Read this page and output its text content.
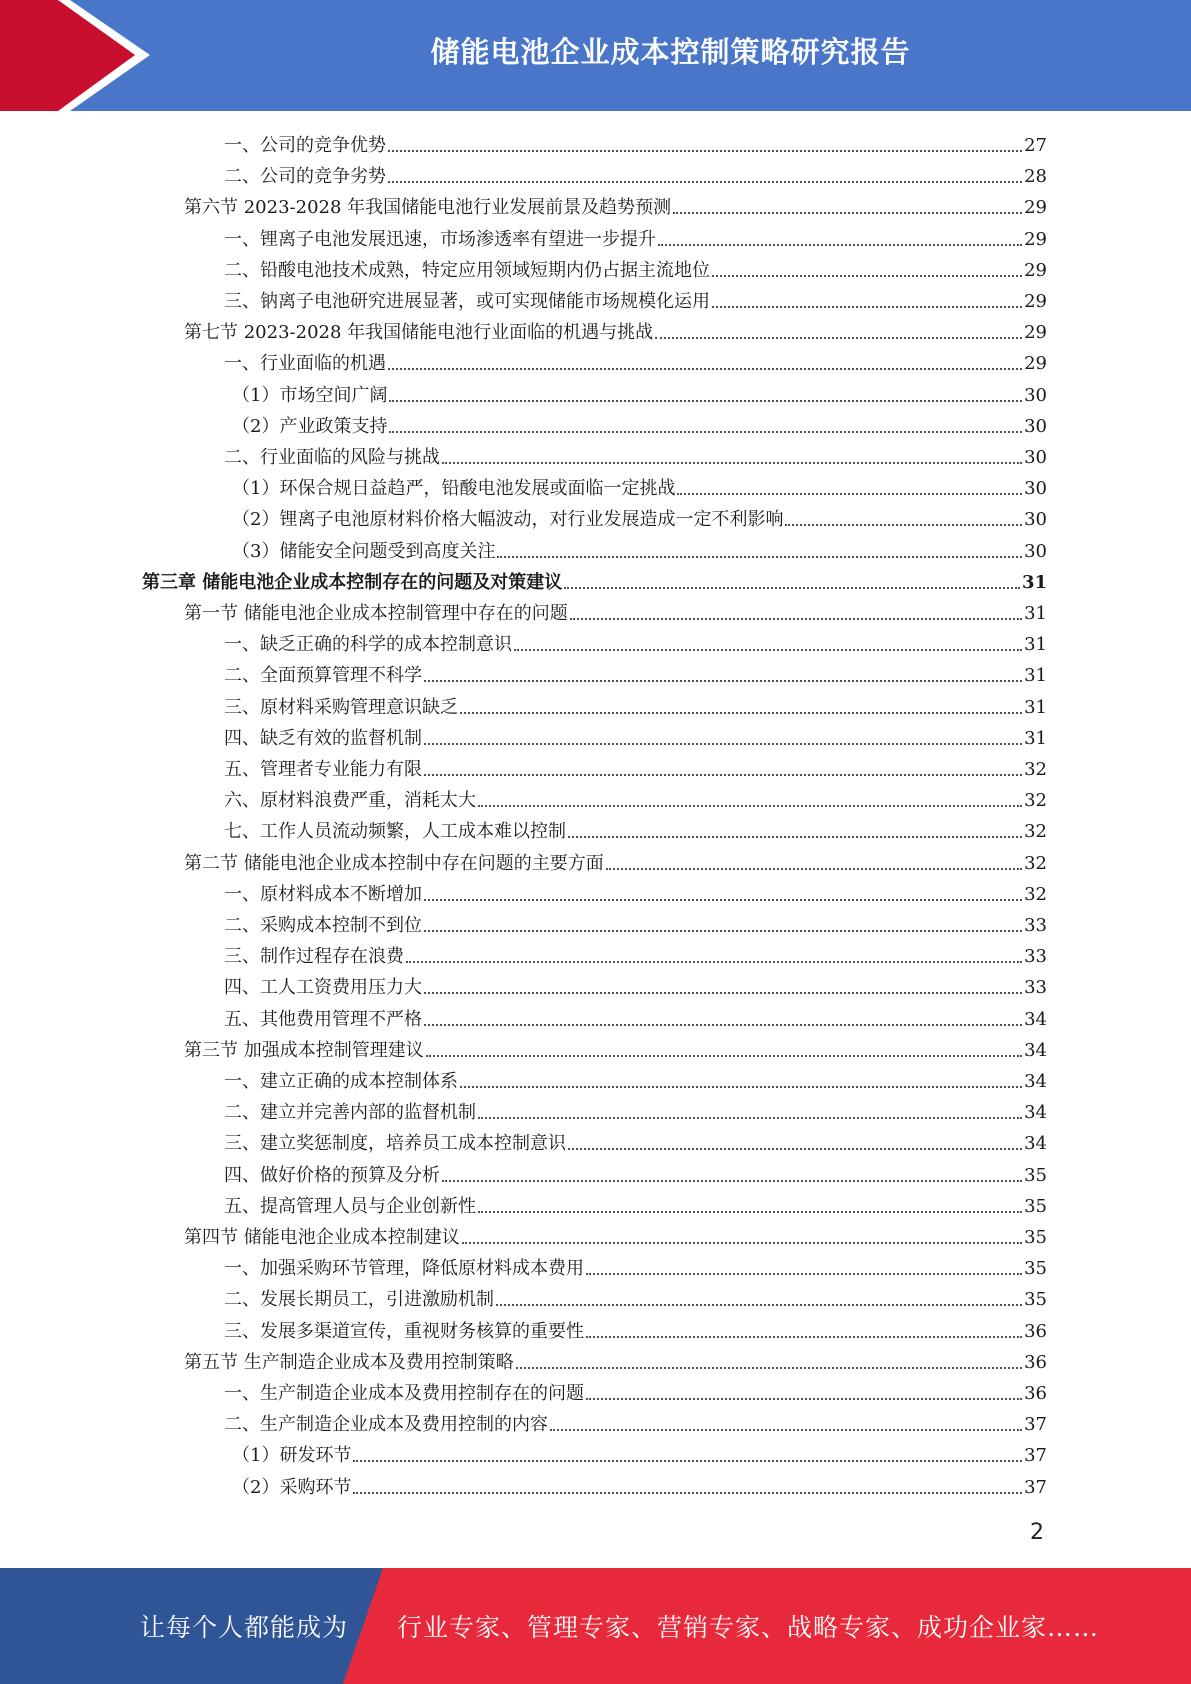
储能电池企业成本控制策略研究报告
一、公司的竞争优势	27
二、公司的竞争劣势	28
第六节 2023-2028 年我国储能电池行业发展前景及趋势预测	29
一、锂离子电池发展迅速，市场渗透率有望进一步提升	29
二、铅酸电池技术成熟，特定应用领域短期内仍占据主流地位	29
三、钠离子电池研究进展显著，或可实现储能市场规模化运用	29
第七节 2023-2028 年我国储能电池行业面临的机遇与挑战	29
一、行业面临的机遇	29
（1）市场空间广阔	30
（2）产业政策支持	30
二、行业面临的风险与挑战	30
（1）环保合规日益趋严，铅酸电池发展或面临一定挑战	30
（2）锂离子电池原材料价格大幅波动，对行业发展造成一定不利影响	30
（3）储能安全问题受到高度关注	30
第三章 储能电池企业成本控制存在的问题及对策建议	31
第一节 储能电池企业成本控制管理中存在的问题	31
一、缺乏正确的科学的成本控制意识	31
二、全面预算管理不科学	31
三、原材料采购管理意识缺乏	31
四、缺乏有效的监督机制	31
五、管理者专业能力有限	32
六、原材料浪费严重，消耗太大	32
七、工作人员流动频繁，人工成本难以控制	32
第二节 储能电池企业成本控制中存在问题的主要方面	32
一、原材料成本不断增加	32
二、采购成本控制不到位	33
三、制作过程存在浪费	33
四、工人工资费用压力大	33
五、其他费用管理不严格	34
第三节 加强成本控制管理建议	34
一、建立正确的成本控制体系	34
二、建立并完善内部的监督机制	34
三、建立奖惩制度，培养员工成本控制意识	34
四、做好价格的预算及分析	35
五、提高管理人员与企业创新性	35
第四节 储能电池企业成本控制建议	35
一、加强采购环节管理，降低原材料成本费用	35
二、发展长期员工，引进激励机制	35
三、发展多渠道宣传，重视财务核算的重要性	36
第五节 生产制造企业成本及费用控制策略	36
一、生产制造企业成本及费用控制存在的问题	36
二、生产制造企业成本及费用控制的内容	37
（1）研发环节	37
（2）采购环节	37
2
让每个人都能成为 行业专家、管理专家、营销专家、战略专家、成功企业家……
